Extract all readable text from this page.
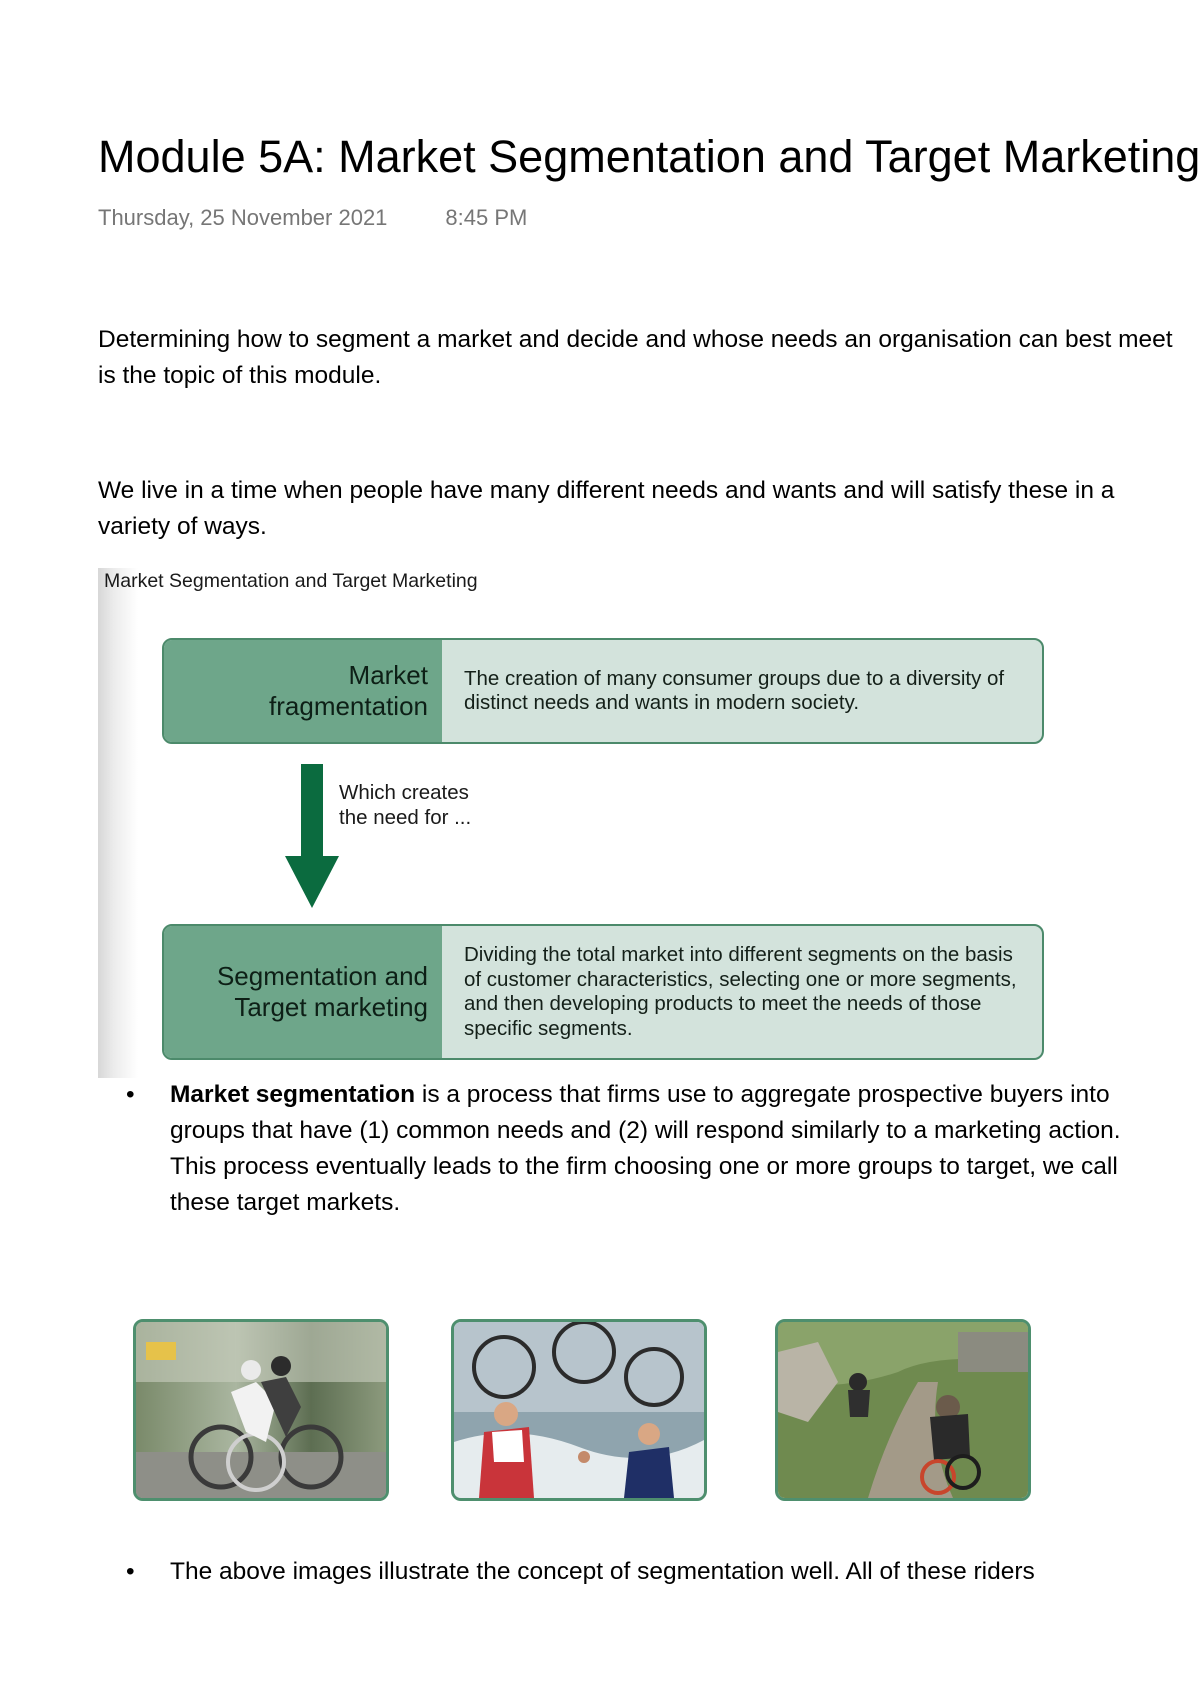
Module 5A: Market Segmentation and Target Marketing
Thursday, 25 November 2021	8:45 PM

Determining how to segment a market and decide and whose needs an organisation can best meet is the topic of this module.

We live in a time when people have many different needs and wants and will satisfy these in a variety of ways.

Market Segmentation and Target Marketing
Market
fragmentation
The creation of many consumer groups due to a diversity of distinct needs and wants in modern society.
Which creates
the need for ...
Segmentation and
Target marketing
Dividing the total market into different segments on the basis of customer characteristics, selecting one or more segments, and then developing products to meet the needs of those specific segments.
• Market segmentation is a process that firms use to aggregate prospective buyers into groups that have (1) common needs and (2) will respond similarly to a marketing action. This process eventually leads to the firm choosing one or more groups to target, we call these target markets.
• The above images illustrate the concept of segmentation well. All of these riders
